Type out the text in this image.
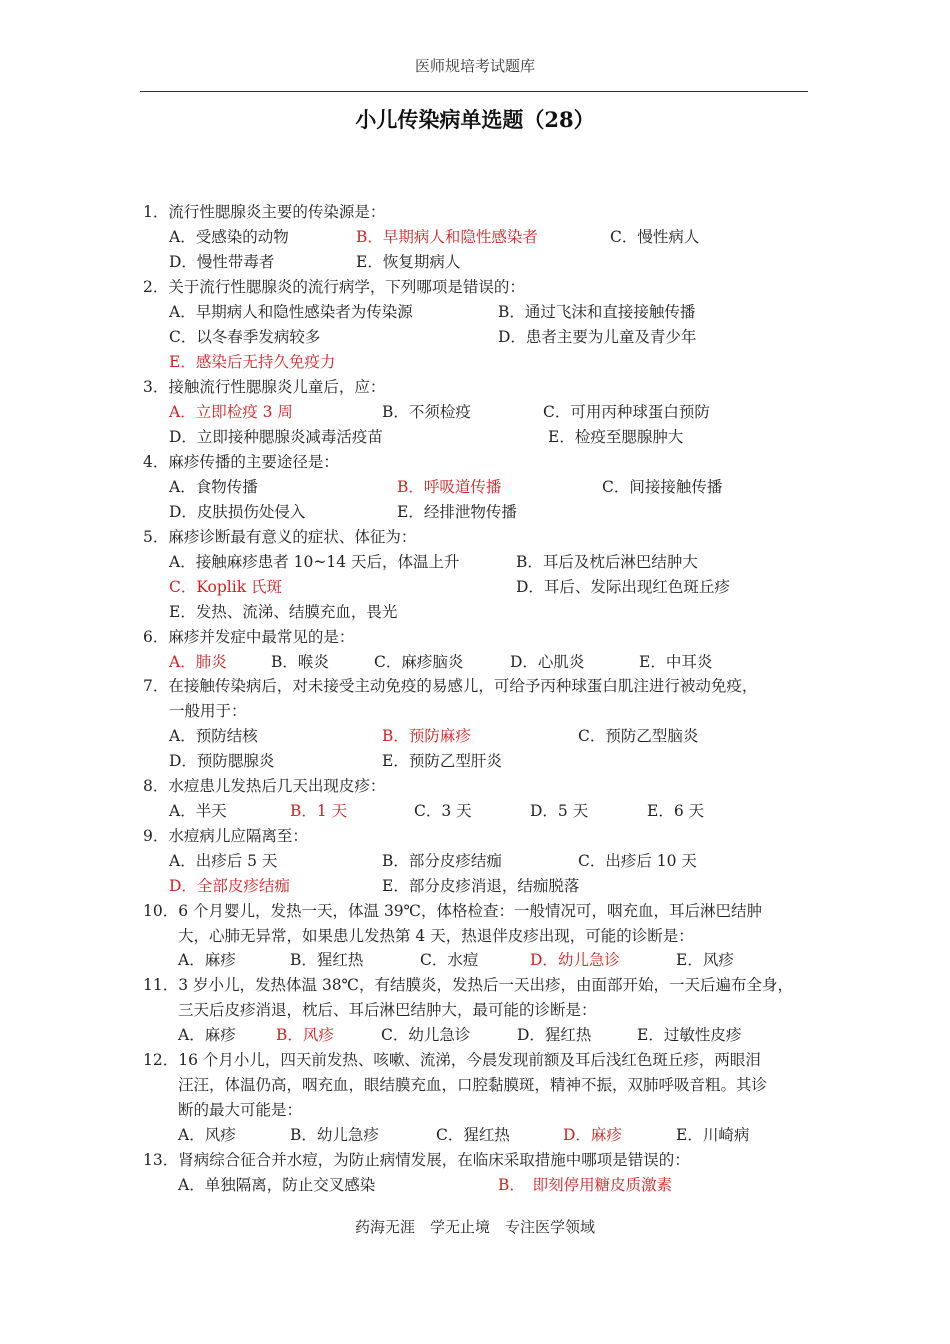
医师规培考试题库
小儿传染病单选题（28）
1．流行性腮腺炎主要的传染源是：
A．受感染的动物	B．早期病人和隐性感染者	C．慢性病人
D．慢性带毒者	E．恢复期病人
2．关于流行性腮腺炎的流行病学，下列哪项是错误的：
A．早期病人和隐性感染者为传染源	B．通过飞沫和直接接触传播
C．以冬春季发病较多	D．患者主要为儿童及青少年
E．感染后无持久免疫力
3．接触流行性腮腺炎儿童后，应：
A．立即检疫 3 周	B．不须检疫	C．可用丙种球蛋白预防
D．立即接种腮腺炎减毒活疫苗	E．检疫至腮腺肿大
4．麻疹传播的主要途径是：
A．食物传播	B．呼吸道传播	C．间接接触传播
D．皮肤损伤处侵入	E．经排泄物传播
5．麻疹诊断最有意义的症状、体征为：
A．接触麻疹患者 10~14 天后，体温上升	B．耳后及枕后淋巴结肿大
C．Koplik 氏斑	D．耳后、发际出现红色斑丘疹
E．发热、流涕、结膜充血，畏光
6．麻疹并发症中最常见的是：
A．肺炎	B．喉炎	C．麻疹脑炎	D．心肌炎	E．中耳炎
7．在接触传染病后，对未接受主动免疫的易感儿，可给予丙种球蛋白肌注进行被动免疫，
一般用于：
A．预防结核	B．预防麻疹	C．预防乙型脑炎
D．预防腮腺炎	E．预防乙型肝炎
8．水痘患儿发热后几天出现皮疹：
A．半天	B．1 天	C．3 天	D．5 天	E．6 天
9．水痘病儿应隔离至：
A．出疹后 5 天	B．部分皮疹结痂	C．出疹后 10 天
D．全部皮疹结痂	E．部分皮疹消退，结痂脱落
10．6 个月婴儿，发热一天，体温 39℃，体格检查：一般情况可，咽充血，耳后淋巴结肿
大，心肺无异常，如果患儿发热第 4 天，热退伴皮疹出现，可能的诊断是：
A．麻疹	B．猩红热	C．水痘	D．幼儿急诊	E．风疹
11．3 岁小儿，发热体温 38℃，有结膜炎，发热后一天出疹，由面部开始，一天后遍布全身，
三天后皮疹消退，枕后、耳后淋巴结肿大，最可能的诊断是：
A．麻疹	B．风疹	C．幼儿急诊	D．猩红热	E．过敏性皮疹
12．16 个月小儿，四天前发热、咳嗽、流涕，今晨发现前额及耳后浅红色斑丘疹，两眼泪
汪汪，体温仍高，咽充血，眼结膜充血，口腔黏膜斑，精神不振，双肺呼吸音粗。其诊
断的最大可能是：
A．风疹	B．幼儿急疹	C．猩红热	D．麻疹	E．川崎病
13．肾病综合征合并水痘，为防止病情发展，在临床采取措施中哪项是错误的：
A．单独隔离，防止交叉感染	B．　即刻停用糖皮质激素
药海无涯　学无止境　专注医学领域
